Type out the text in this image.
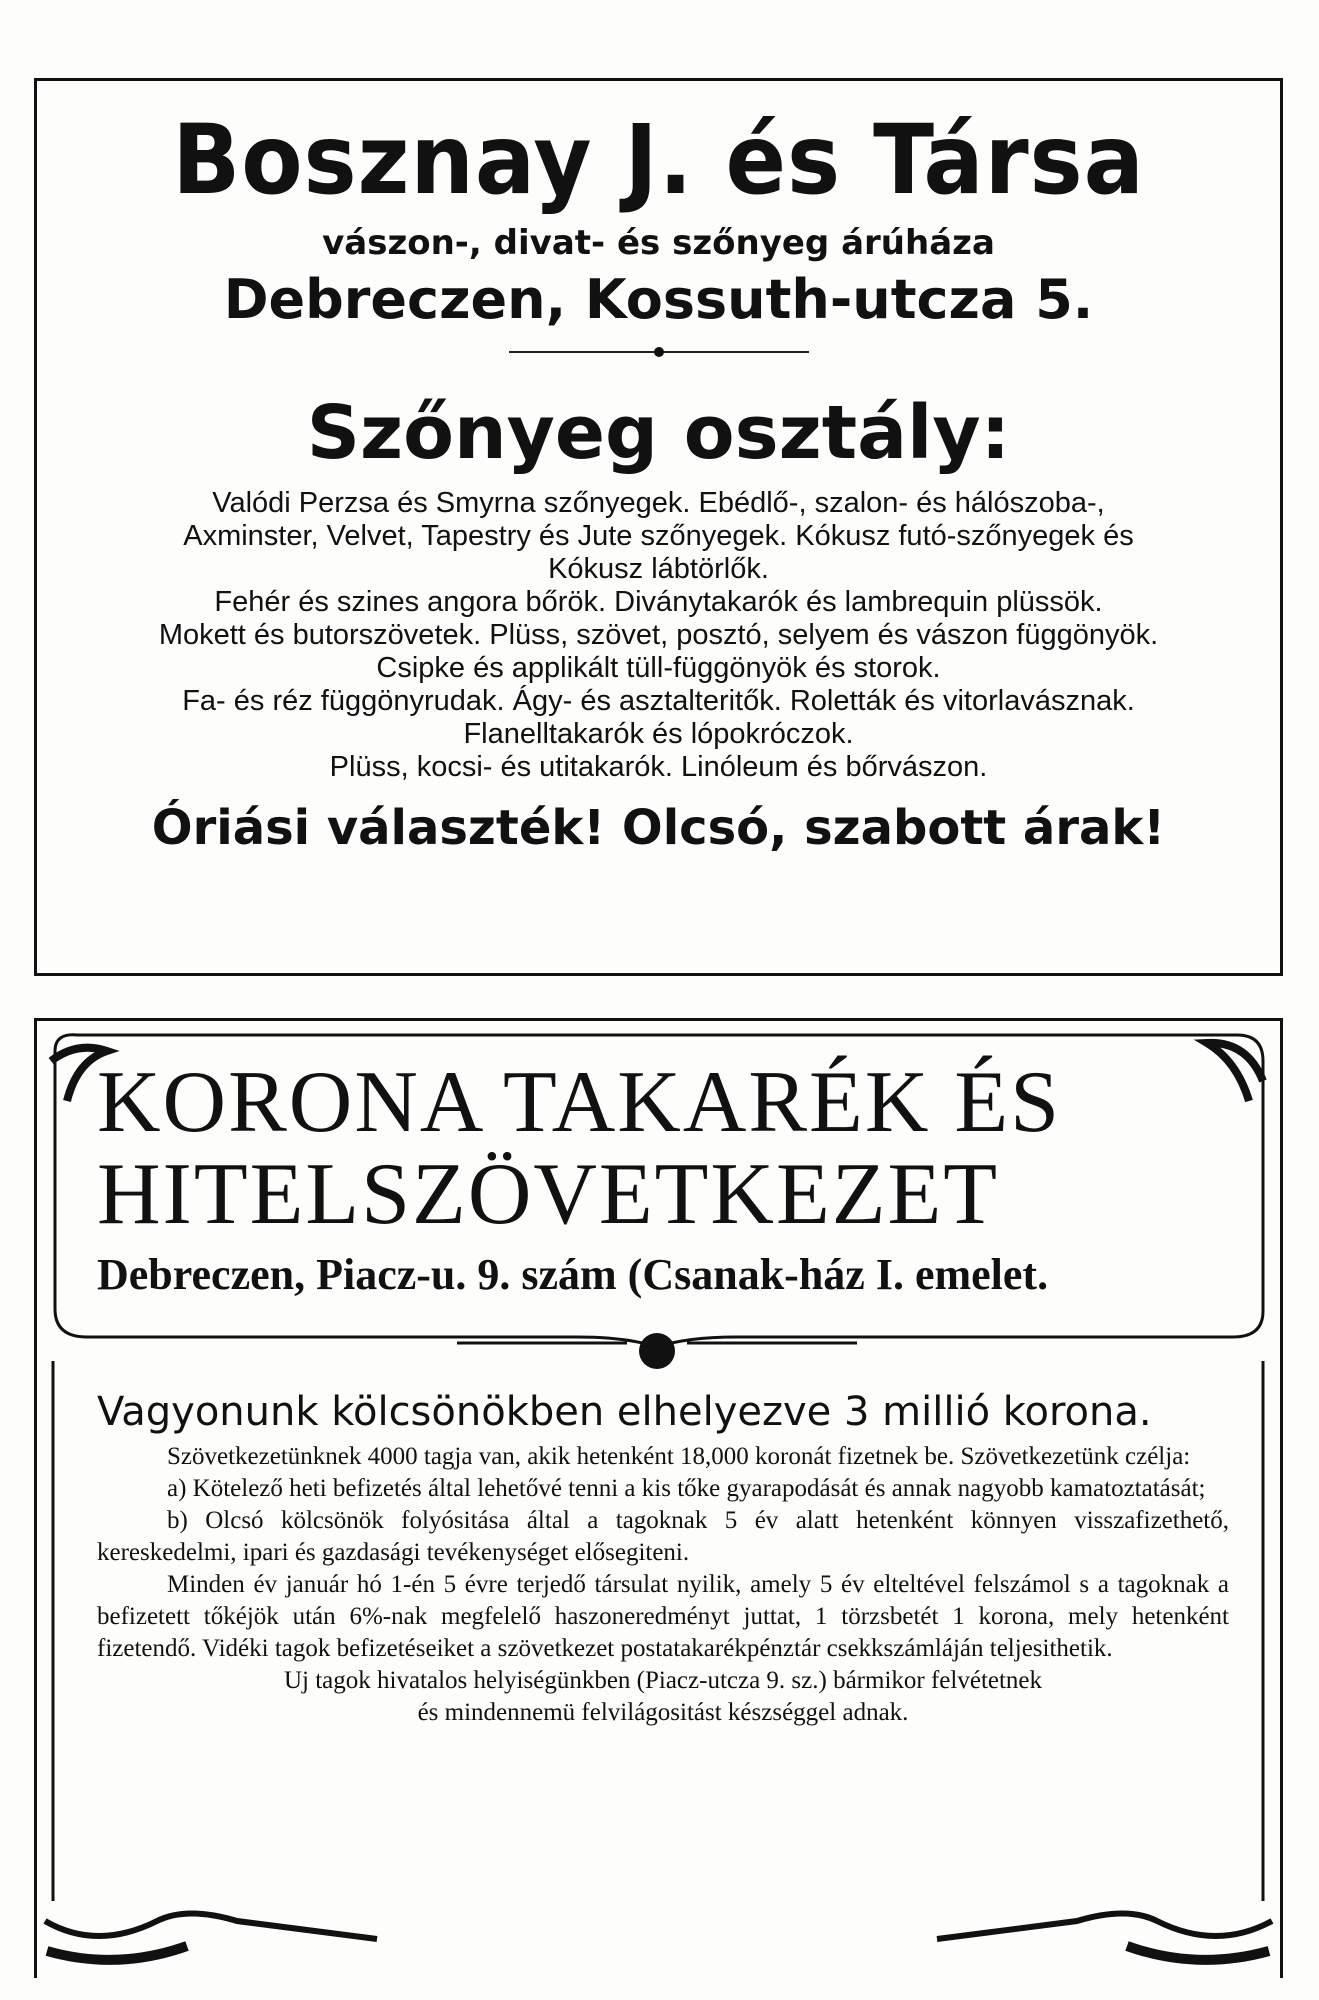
Bosznay J. és Társa
vászon-, divat- és szőnyeg árúháza
Debreczen, Kossuth-utcza 5.
Szőnyeg osztály:
Valódi Perzsa és Smyrna szőnyegek. Ebédlő-, szalon- és hálószoba-,
Axminster, Velvet, Tapestry és Jute szőnyegek. Kókusz futó-szőnyegek és
Kókusz lábtörlők.
Fehér és szines angora bőrök. Diványtakarók és lambrequin plüssök.
Mokett és butorszövetek. Plüss, szövet, posztó, selyem és vászon függönyök.
Csipke és applikált tüll-függönyök és storok.
Fa- és réz függönyrudak. Ágy- és asztalteritők. Roletták és vitorlavásznak.
Flanelltakarók és lópokróczok.
Plüss, kocsi- és utitakarók. Linóleum és bőrvászon.
Óriási választék! Olcsó, szabott árak!
KORONA TAKARÉK ÉS
HITELSZÖVETKEZET
Debreczen, Piacz-u. 9. szám (Csanak-ház I. emelet.
Vagyonunk kölcsönökben elhelyezve 3 millió korona.

Szövetkezetünknek 4000 tagja van, akik hetenként 18,000 koronát fizetnek be. Szövetkezetünk czélja:

a) Kötelező heti befizetés által lehetővé tenni a kis tőke gyarapodását és annak nagyobb kamatoztatását;

b) Olcsó kölcsönök folyósitása által a tagoknak 5 év alatt hetenként könnyen visszafizethető, kereskedelmi, ipari és gazdasági tevékenységet elősegiteni.

Minden év január hó 1-én 5 évre terjedő társulat nyilik, amely 5 év elteltével felszámol s a tagoknak a befizetett tőkéjök után 6%-nak megfelelő haszoneredményt juttat, 1 törzsbetét 1 korona, mely hetenként fizetendő. Vidéki tagok befizetéseiket a szövetkezet postatakarékpénztár csekkszámláján teljesithetik.

Uj tagok hivatalos helyiségünkben (Piacz-utcza 9. sz.) bármikor felvétetnek
és mindennemü felvilágositást készséggel adnak.
